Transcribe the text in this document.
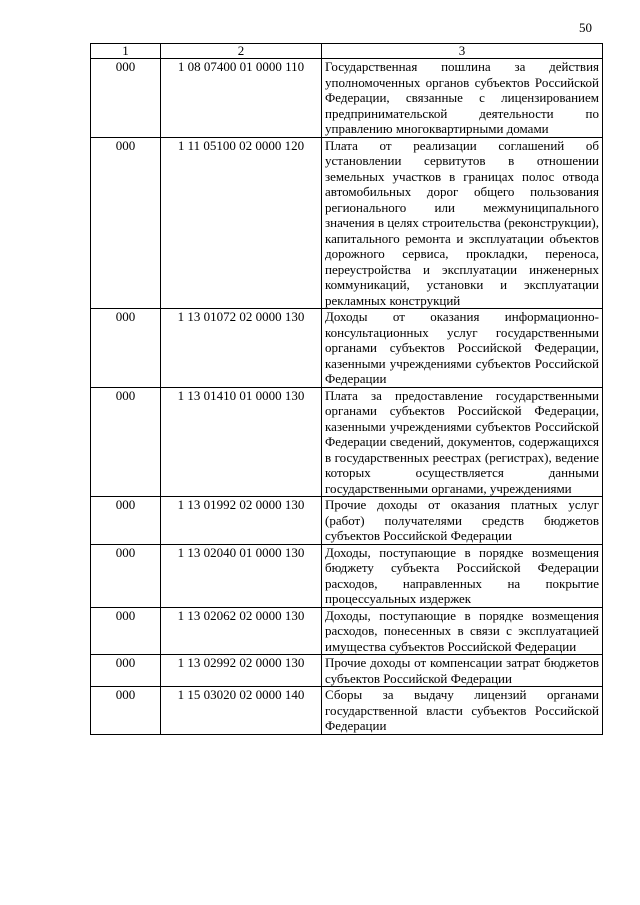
50
1	2	3
000	1 08 07400 01 0000 110	Государственная пошлина за действия уполномоченных органов субъектов Российской Федерации, связанные с лицензированием предпринимательской деятельности по управлению многоквартирными домами
000	1 11 05100 02 0000 120	Плата от реализации соглашений об установлении сервитутов в отношении земельных участков в границах полос отвода автомобильных дорог общего пользования регионального или межмуниципального значения в целях строительства (реконструкции), капитального ремонта и эксплуатации объектов дорожного сервиса, прокладки, переноса, переустройства и эксплуатации инженерных коммуникаций, установки и эксплуатации рекламных конструкций
000	1 13 01072 02 0000 130	Доходы от оказания информационно-консультационных услуг государственными органами субъектов Российской Федерации, казенными учреждениями субъектов Российской Федерации
000	1 13 01410 01 0000 130	Плата за предоставление государственными органами субъектов Российской Федерации, казенными учреждениями субъектов Российской Федерации сведений, документов, содержащихся в государственных реестрах (регистрах), ведение которых осуществляется данными государственными органами, учреждениями
000	1 13 01992 02 0000 130	Прочие доходы от оказания платных услуг (работ) получателями средств бюджетов субъектов Российской Федерации
000	1 13 02040 01 0000 130	Доходы, поступающие в порядке возмещения бюджету субъекта Российской Федерации расходов, направленных на покрытие процессуальных издержек
000	1 13 02062 02 0000 130	Доходы, поступающие в порядке возмещения расходов, понесенных в связи с эксплуатацией имущества субъектов Российской Федерации
000	1 13 02992 02 0000 130	Прочие доходы от компенсации затрат бюджетов субъектов Российской Федерации
000	1 15 03020 02 0000 140	Сборы за выдачу лицензий органами государственной власти субъектов Российской Федерации
